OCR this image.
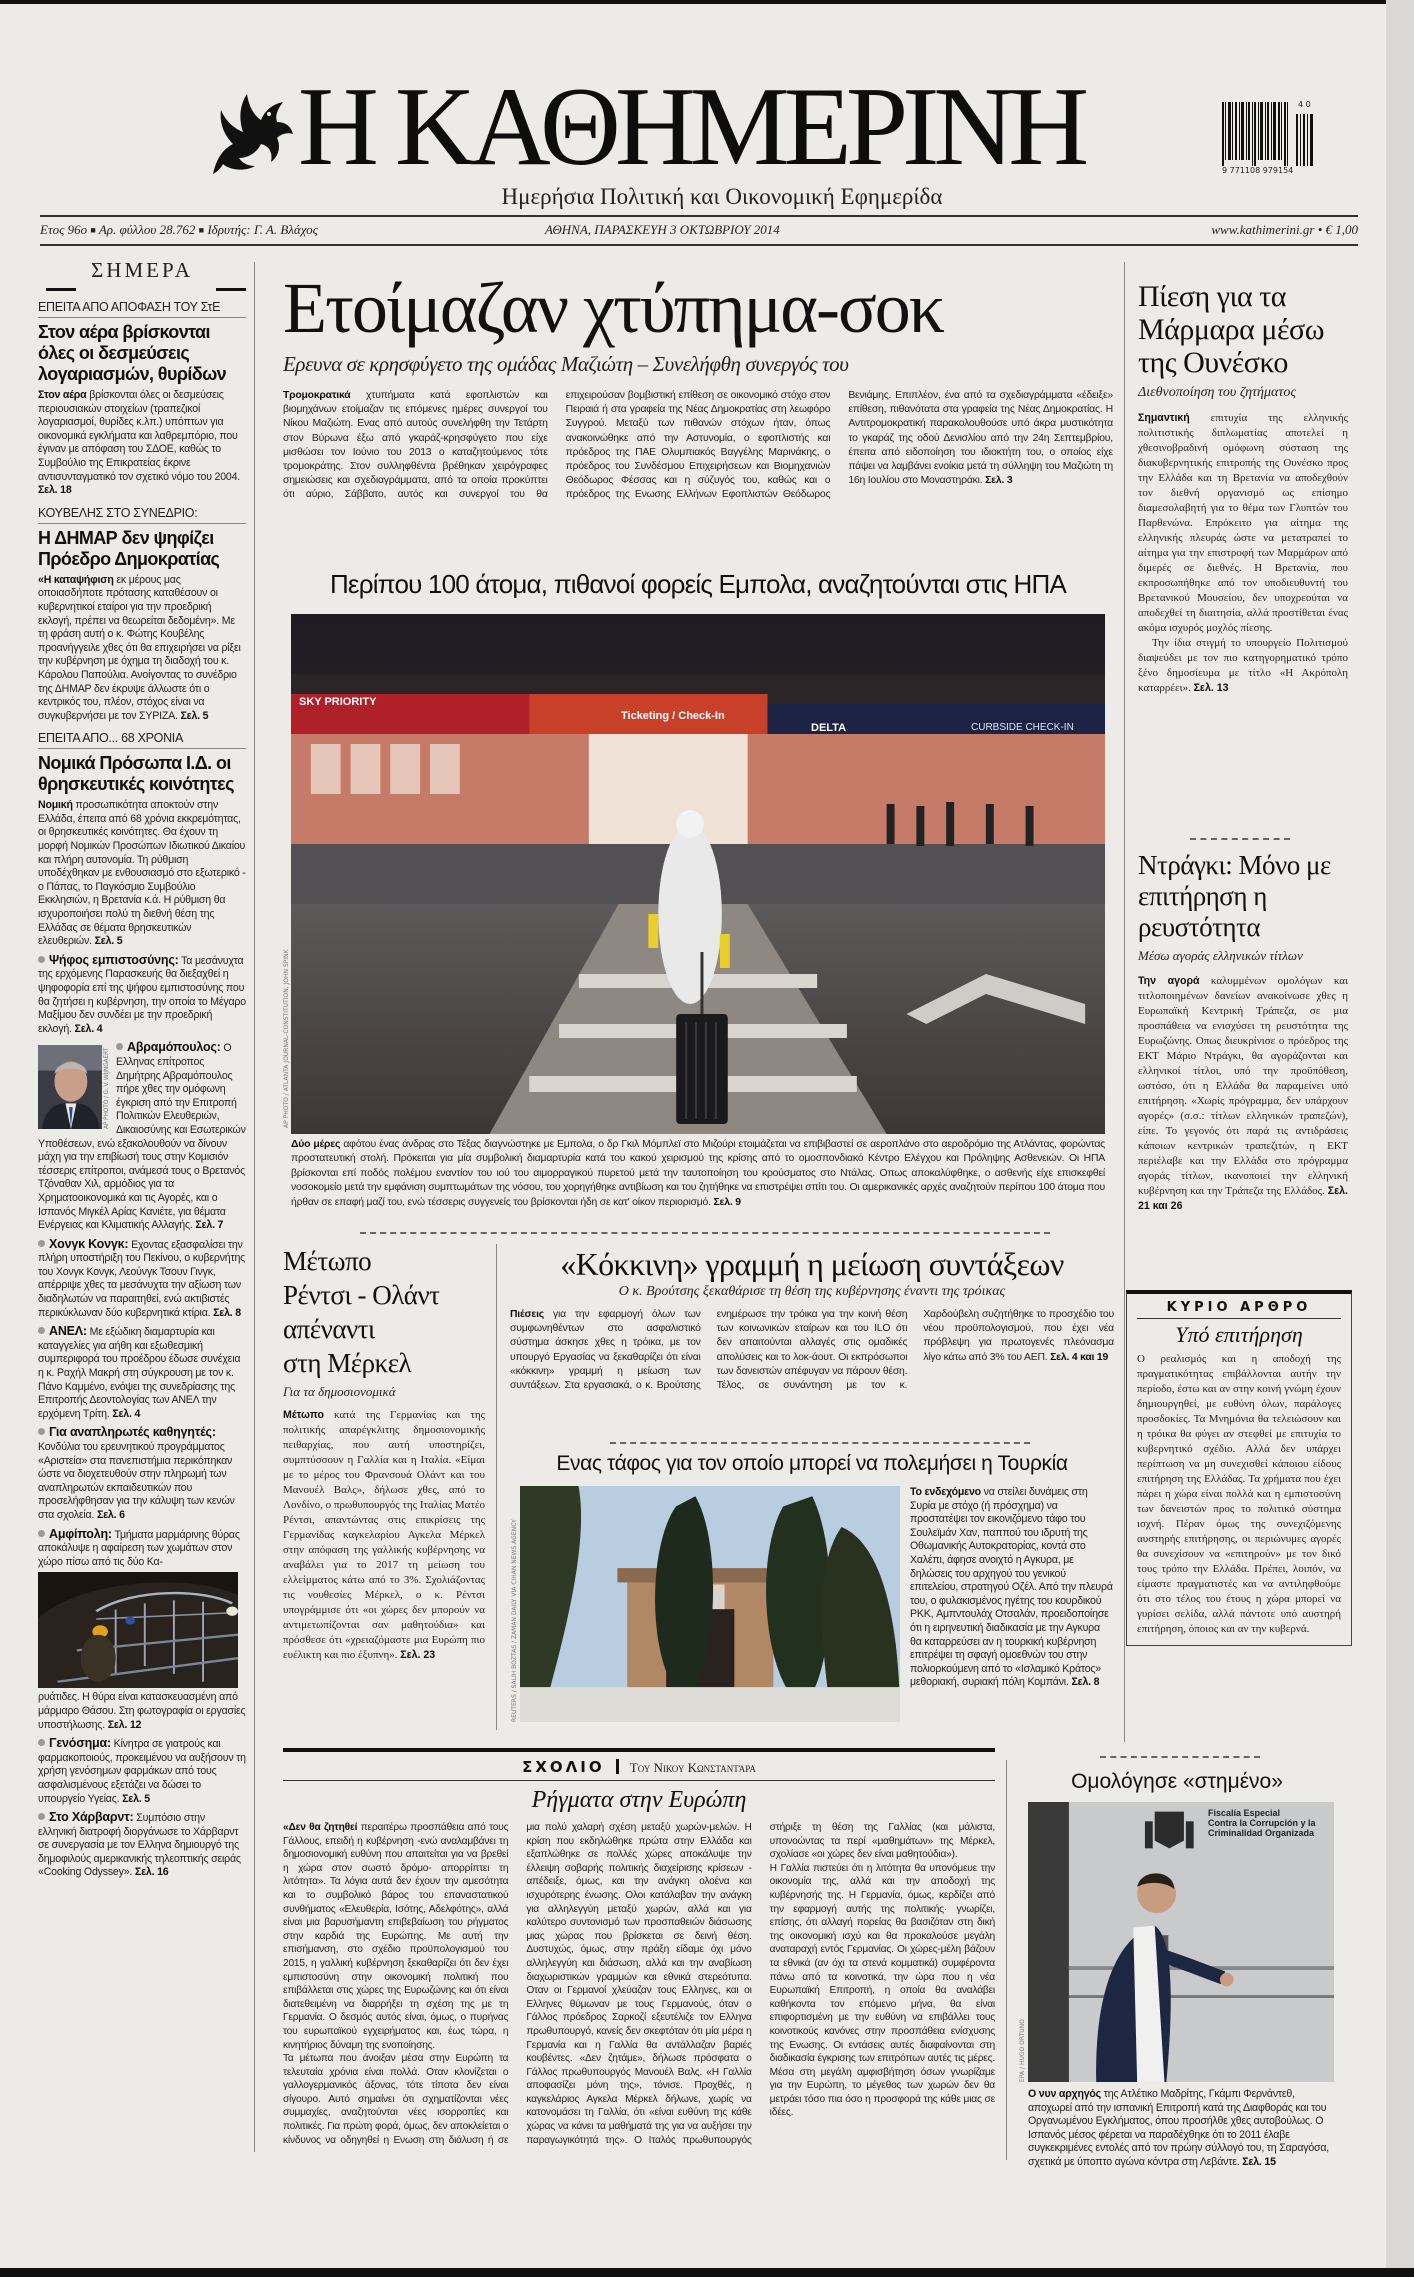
Η ΚΑΘΗΜΕΡΙΝΗ
Ημερήσια Πολιτική και Οικονομική Εφημερίδα
4 0
9 771108 979154
Ετος 96ο ■ Αρ. φύλλου 28.762 ■ Ιδρυτής: Γ. Α. Βλάχος	ΑΘΗΝΑ, ΠΑΡΑΣΚΕΥΗ 3 ΟΚΤΩΒΡΙΟΥ 2014	www.kathimerini.gr • € 1,00
ΣΗΜΕΡΑ
ΕΠΕΙΤΑ ΑΠΟ ΑΠΟΦΑΣΗ ΤΟΥ ΣτΕ
Στον αέρα βρίσκονται όλες οι δεσμεύσεις λογαριασμών, θυρίδων
Στον αέρα βρίσκονται όλες οι δεσμεύσεις περιουσιακών στοιχείων (τραπεζικοί λογαριασμοί, θυρίδες κ.λπ.) υπόπτων για οικονομικά εγκλήματα και λαθρεμπόριο, που έγιναν με απόφαση του ΣΔΟΕ, καθώς το Συμβούλιο της Επικρατείας έκρινε αντισυνταγματικό τον σχετικό νόμο του 2004. Σελ. 18
ΚΟΥΒΕΛΗΣ ΣΤΟ ΣΥΝΕΔΡΙΟ:
Η ΔΗΜΑΡ δεν ψηφίζει Πρόεδρο Δημοκρατίας
«Η καταψήφιση εκ μέρους μας οποιασδήποτε πρότασης καταθέσουν οι κυβερνητικοί εταίροι για την προεδρική εκλογή, πρέπει να θεωρείται δεδομένη». Με τη φράση αυτή ο κ. Φώτης Κουβέλης προανήγγειλε χθες ότι θα επιχειρήσει να ρίξει την κυβέρνηση με όχημα τη διαδοχή του κ. Κάρολου Παπούλια. Ανοίγοντας το συνέδριο της ΔΗΜΑΡ δεν έκρυψε άλλωστε ότι ο κεντρικός του, πλέον, στόχος είναι να συγκυβερνήσει με τον ΣΥΡΙΖΑ. Σελ. 5
ΕΠΕΙΤΑ ΑΠΟ... 68 ΧΡΟΝΙΑ
Νομικά Πρόσωπα Ι.Δ. οι θρησκευτικές κοινότητες
Νομική προσωπικότητα αποκτούν στην Ελλάδα, έπειτα από 68 χρόνια εκκρεμότητας, οι θρησκευτικές κοινότητες. Θα έχουν τη μορφή Νομικών Προσώπων Ιδιωτικού Δικαίου και πλήρη αυτονομία. Τη ρύθμιση υποδέχθηκαν με ενθουσιασμό στο εξωτερικό - ο Πάπας, το Παγκόσμιο Συμβούλιο Εκκλησιών, η Βρετανία κ.ά. Η ρύθμιση θα ισχυροποιήσει πολύ τη διεθνή θέση της Ελλάδας σε θέματα θρησκευτικών ελευθεριών. Σελ. 5
Ψήφος εμπιστοσύνης: Τα μεσάνυχτα της ερχόμενης Παρασκευής θα διεξαχθεί η ψηφοφορία επί της ψήφου εμπιστοσύνης που θα ζητήσει η κυβέρνηση, την οποία το Μέγαρο Μαξίμου δεν συνδέει με την προεδρική εκλογή. Σελ. 4
Αβραμόπουλος:
AP PHOTO / G. V. WIJNGAERT	Ο Ελληνας επίτροπος Δημήτρης Αβραμόπουλος πήρε χθες την ομόφωνη έγκριση από την Επιτροπή Πολιτικών Ελευθεριών, Δικαιοσύνης και Εσωτερικών Υποθέσεων, ενώ εξακολουθούν να δίνουν μάχη για την επιβίωσή τους στην Κομισιόν τέσσερις επίτροποι, ανάμεσά τους ο Βρετανός Τζόναθαν Χιλ, αρμόδιος για τα Χρηματοοικονομικά και τις Αγορές, και ο Ισπανός Μιγκέλ Αρίας Κανιέτε, για θέματα Ενέργειας και Κλιματικής Αλλαγής. Σελ. 7
Χονγκ Κονγκ: Εχοντας εξασφαλίσει την πλήρη υποστήριξη του Πεκίνου, ο κυβερνήτης του Χονγκ Κονγκ, Λεούνγκ Τσουν Γινγκ, απέρριψε χθες τα μεσάνυχτα την αξίωση των διαδηλωτών να παραιτηθεί, ενώ ακτιβιστές περικύκλωναν δύο κυβερνητικά κτίρια. Σελ. 8
ΑΝΕΛ: Με εξώδικη διαμαρτυρία και καταγγελίες για αήθη και εξωθεσμική συμπεριφορά του προέδρου έδωσε συνέχεια η κ. Ραχήλ Μακρή στη σύγκρουση με τον κ. Πάνο Καμμένο, ενόψει της συνεδρίασης της Επιτροπής Δεοντολογίας των ΑΝΕΛ την ερχόμενη Τρίτη. Σελ. 4
Για αναπληρωτές καθηγητές: Κονδύλια του ερευνητικού προγράμματος «Αριστεία» στα πανεπιστήμια περικόπηκαν ώστε να διοχετευθούν στην πληρωμή των αναπληρωτών εκπαιδευτικών που προσελήφθησαν για την κάλυψη των κενών στα σχολεία. Σελ. 6
Αμφίπολη: Τμήματα μαρμάρινης θύρας αποκάλυψε η αφαίρεση των χωμάτων στον χώρο πίσω από τις δύο Κα-
ρυάτιδες. Η θύρα είναι κατασκευασμένη από μάρμαρο Θάσου. Στη φωτογραφία οι εργασίες υποστήλωσης. Σελ. 12
Γενόσημα: Κίνητρα σε γιατρούς και φαρμακοποιούς, προκειμένου να αυξήσουν τη χρήση γενόσημων φαρμάκων από τους ασφαλισμένους εξετάζει να δώσει το υπουργείο Υγείας. Σελ. 5
Στο Χάρβαρντ: Συμπόσιο στην ελληνική διατροφή διοργάνωσε το Χάρβαρντ σε συνεργασία με τον Ελληνα δημιουργό της δημοφιλούς αμερικανικής τηλεοπτικής σειράς «Cooking Odyssey». Σελ. 16
Ετοίμαζαν χτύπημα-σοκ
Ερευνα σε κρησφύγετο της ομάδας Μαζιώτη – Συνελήφθη συνεργός του
Τρομοκρατικά χτυπήματα κατά εφοπλιστών και βιομηχάνων ετοίμαζαν τις επόμενες ημέρες συνεργοί του Νίκου Μαζιώτη. Ενας από αυτούς συνελήφθη την Τετάρτη στον Βύρωνα έξω από γκαράζ-κρησφύγετο που είχε μισθώσει τον Ιούνιο του 2013 ο καταζητούμενος τότε τρομοκράτης. Στον συλληφθέντα βρέθηκαν χειρόγραφες σημειώσεις και σχεδιαγράμματα, από τα οποία προκύπτει ότι αύριο, Σάββατο, αυτός και συνεργοί του θα επιχειρούσαν βομβιστική επίθεση σε οικονομικό στόχο στον Πειραιά ή στα γραφεία της Νέας Δημοκρατίας στη λεωφόρο Συγγρού. Μεταξύ των πιθανών στόχων ήταν, όπως ανακοινώθηκε από την Αστυνομία, ο εφοπλιστής και πρόεδρος της ΠΑΕ Ολυμπιακός Βαγγέλης Μαρινάκης, ο πρόεδρος του Συνδέσμου Επιχειρήσεων και Βιομηχανιών Θεόδωρος Φέσσας και η σύζυγός του, καθώς και ο πρόεδρος της Ενωσης Ελλήνων Εφοπλιστών Θεόδωρος Βενιάμης. Επιπλέον, ένα από τα σχεδιαγράμματα «έδειξε» επίθεση, πιθανότατα στα γραφεία της Νέας Δημοκρατίας. Η Αντιτρομοκρατική παρακολουθούσε υπό άκρα μυστικότητα το γκαράζ της οδού Δενισλίου από την 24η Σεπτεμβρίου, έπειτα από ειδοποίηση του ιδιοκτήτη του, ο οποίος είχε πάψει να λαμβάνει ενοίκια μετά τη σύλληψη του Μαζιώτη τη 16η Ιουλίου στο Μοναστηράκι. Σελ. 3
Περίπου 100 άτομα, πιθανοί φορείς Εμπολα, αναζητούνται στις ΗΠΑ
SKY PRIORITY
Ticketing / Check-In
DELTA	CURBSIDE CHECK-IN
AP PHOTO / ATLANTA JOURNAL-CONSTITUTION, JOHN SPINK
Δύο μέρες αφότου ένας άνδρας στο Τέξας διαγνώστηκε με Εμπολα, ο δρ Γκιλ Μόμπλεϊ στο Μιζούρι ετοιμάζεται να επιβιβαστεί σε αεροπλάνο στο αεροδρόμιο της Ατλάντας, φορώντας προστατευτική στολή. Πρόκειται για μία συμβολική διαμαρτυρία κατά του κακού χειρισμού της κρίσης από το ομοσπονδιακό Κέντρο Ελέγχου και Πρόληψης Ασθενειών. Οι ΗΠΑ βρίσκονται επί ποδός πολέμου εναντίον του ιού του αιμορραγικού πυρετού μετά την ταυτοποίηση του κρούσματος στο Ντάλας. Οπως αποκαλύφθηκε, ο ασθενής είχε επισκεφθεί νοσοκομείο μετά την εμφάνιση συμπτωμάτων της νόσου, του χορηγήθηκε αντιβίωση και του ζητήθηκε να επιστρέψει σπίτι του. Οι αμερικανικές αρχές αναζητούν περίπου 100 άτομα που ήρθαν σε επαφή μαζί του, ενώ τέσσερις συγγενείς του βρίσκονται ήδη σε κατ' οίκον περιορισμό. Σελ. 9
Πίεση για τα Μάρμαρα μέσω της Ουνέσκο
Διεθνοποίηση του ζητήματος
Σημαντική επιτυχία της ελληνικής πολιτιστικής διπλωματίας αποτελεί η χθεσινοβραδινή ομόφωνη σύσταση της διακυβερνητικής επιτροπής της Ουνέσκο προς την Ελλάδα και τη Βρετανία να αποδεχθούν τον διεθνή οργανισμό ως επίσημο διαμεσολαβητή για το θέμα των Γλυπτών του Παρθενώνα. Επρόκειτο για αίτημα της ελληνικής πλευράς ώστε να μετατραπεί το αίτημα για την επιστροφή των Μαρμάρων από διμερές σε διεθνές. Η Βρετανία, που εκπροσωπήθηκε από τον υποδιευθυντή του Βρετανικού Μουσείου, δεν υποχρεούται να αποδεχθεί τη διαιτησία, αλλά προστίθεται ένας ακόμα ισχυρός μοχλός πίεσης.
Την ίδια στιγμή το υπουργείο Πολιτισμού διαψεύδει με τον πιο κατηγορηματικό τρόπο ξένο δημοσίευμα με τίτλο «Η Ακρόπολη καταρρέει». Σελ. 13
Ντράγκι: Μόνο με επιτήρηση η ρευστότητα
Μέσω αγοράς ελληνικών τίτλων
Την αγορά καλυμμένων ομολόγων και τιτλοποιημένων δανείων ανακοίνωσε χθες η Ευρωπαϊκή Κεντρική Τράπεζα, σε μια προσπάθεια να ενισχύσει τη ρευστότητα της Ευρωζώνης. Οπως διευκρίνισε ο πρόεδρος της ΕΚΤ Μάριο Ντράγκι, θα αγοράζονται και ελληνικοί τίτλοι, υπό την προϋπόθεση, ωστόσο, ότι η Ελλάδα θα παραμείνει υπό επιτήρηση. «Χωρίς πρόγραμμα, δεν υπάρχουν αγορές» (σ.σ.: τίτλων ελληνικών τραπεζών), είπε. Το γεγονός ότι παρά τις αντιδράσεις κάποιων κεντρικών τραπεζιτών, η ΕΚΤ περιέλαβε και την Ελλάδα στο πρόγραμμα αγοράς τίτλων, ικανοποιεί την ελληνική κυβέρνηση και την Τράπεζα της Ελλάδος. Σελ. 21 και 26
ΚΥΡΙΟ ΑΡΘΡΟ
Υπό επιτήρηση
Ο ρεαλισμός και η αποδοχή της πραγματικότητας επιβάλλονται αυτήν την περίοδο, έστω και αν στην κοινή γνώμη έχουν δημιουργηθεί, με ευθύνη όλων, παράλογες προσδοκίες. Τα Μνημόνια θα τελειώσουν και η τρόικα θα φύγει αν στεφθεί με επιτυχία το κυβερνητικό σχέδιο. Αλλά δεν υπάρχει περίπτωση να μη συνεχισθεί κάποιου είδους επιτήρηση της Ελλάδας. Τα χρήματα που έχει πάρει η χώρα είναι πολλά και η εμπιστοσύνη των δανειστών προς το πολιτικό σύστημα ισχνή. Πέραν όμως της συνεχιζόμενης αυστηρής επιτήρησης, οι περιώνυμες αγορές θα συνεχίσουν να «επιτηρούν» με τον δικό τους τρόπο την Ελλάδα. Πρέπει, λοιπόν, να είμαστε πραγματιστές και να αντιληφθούμε ότι στο τέλος του έτους η χώρα μπορεί να γυρίσει σελίδα, αλλά πάντοτε υπό αυστηρή επιτήρηση, όποιος και αν την κυβερνά.
Μέτωπο
Ρέντσι - Ολάντ
απέναντι
στη Μέρκελ
Για τα δημοσιονομικά
Μέτωπο κατά της Γερμανίας και της πολιτικής απαρέγκλιτης δημοσιονομικής πειθαρχίας, που αυτή υποστηρίζει, συμπτύσσουν η Γαλλία και η Ιταλία. «Είμαι με το μέρος του Φρανσουά Ολάντ και του Μανουέλ Βαλς», δήλωσε χθες, από το Λονδίνο, ο πρωθυπουργός της Ιταλίας Ματέο Ρέντσι, απαντώντας στις επικρίσεις της Γερμανίδας καγκελαρίου Αγκελα Μέρκελ στην απόφαση της γαλλικής κυβέρνησης να αναβάλει για το 2017 τη μείωση του ελλείμματος κάτω από το 3%. Σχολιάζοντας τις νουθεσίες Μέρκελ, ο κ. Ρέντσι υπογράμμισε ότι «οι χώρες δεν μπορούν να αντιμετωπίζονται σαν μαθητούδια» και πρόσθεσε ότι «χρειαζόμαστε μια Ευρώπη πιο ευέλικτη και πιο έξυπνη». Σελ. 23
«Κόκκινη» γραμμή η μείωση συντάξεων
Ο κ. Βρούτσης ξεκαθάρισε τη θέση της κυβέρνησης έναντι της τρόικας
Πιέσεις για την εφαρμογή όλων των συμφωνηθέντων στο ασφαλιστικό σύστημα άσκησε χθες η τρόικα, με τον υπουργό Εργασίας να ξεκαθαρίζει ότι είναι «κόκκινη» γραμμή η μείωση των συντάξεων. Στα εργασιακά, ο κ. Βρούτσης ενημέρωσε την τρόικα για την κοινή θέση των κοινωνικών εταίρων και του ILO ότι δεν απαιτούνται αλλαγές στις ομαδικές απολύσεις και το λοκ-άουτ. Οι εκπρόσωποι των δανειστών απέφυγαν να πάρουν θέση. Τέλος, σε συνάντηση με τον κ. Χαρδούβελη συζητήθηκε το προσχέδιο του νέου προϋπολογισμού, που έχει νέα πρόβλεψη για πρωτογενές πλεόνασμα λίγο κάτω από 3% του ΑΕΠ. Σελ. 4 και 19
Ενας τάφος για τον οποίο μπορεί να πολεμήσει η Τουρκία
REUTERS / SALIH BOZTAS / ZAMAN DAILY VIA CIHAN NEWS AGENCY
Το ενδεχόμενο να στείλει δυνάμεις στη Συρία με στόχο (ή πρόσχημα) να προστατέψει τον εικονιζόμενο τάφο του Σουλεϊμάν Χαν, παππού του ιδρυτή της Οθωμανικής Αυτοκρατορίας, κοντά στο Χαλέπι, άφησε ανοιχτό η Αγκυρα, με δηλώσεις του αρχηγού του γενικού επιτελείου, στρατηγού Οζέλ. Από την πλευρά του, ο φυλακισμένος ηγέτης του κουρδικού PKK, Αμπντουλάχ Οτσαλάν, προειδοποίησε ότι η ειρηνευτική διαδικασία με την Αγκυρα θα καταρρεύσει αν η τουρκική κυβέρνηση επιτρέψει τη σφαγή ομοεθνών του στην πολιορκούμενη από το «Ισλαμικό Κράτος» μεθοριακή, συριακή πόλη Κομπάνι. Σελ. 8
ΣΧΟΛΙΟ Του Νικου Κωνσταντάρα
Ρήγματα στην Ευρώπη
«Δεν θα ζητηθεί περαιτέρω προσπάθεια από τους Γάλλους, επειδή η κυβέρνηση -ενώ αναλαμβάνει τη δημοσιονομική ευθύνη που απαιτείται για να βρεθεί η χώρα στον σωστό δρόμο- απορρίπτει τη λιτότητα». Τα λόγια αυτά δεν έχουν την αμεσότητα και το συμβολικό βάρος του επαναστατικού συνθήματος «Ελευθερία, Ισότης, Αδελφότης», αλλά είναι μια βαρυσήμαντη επιβεβαίωση του ρήγματος στην καρδιά της Ευρώπης. Με αυτή την επισήμανση, στο σχέδιο προϋπολογισμού του 2015, η γαλλική κυβέρνηση ξεκαθαρίζει ότι δεν έχει εμπιστοσύνη στην οικονομική πολιτική που επιβάλλεται στις χώρες της Ευρωζώνης και ότι είναι διατεθειμένη να διαρρήξει τη σχέση της με τη Γερμανία. Ο δεσμός αυτός είναι, όμως, ο πυρήνας του ευρωπαϊκού εγχειρήματος και, έως τώρα, η κινητήριος δύναμη της ενοποίησης.
Τα μέτωπα που άνοιξαν μέσα στην Ευρώπη τα τελευταία χρόνια είναι πολλά. Οταν κλονίζεται ο γαλλογερμανικός άξονας, τότε τίποτα δεν είναι σίγουρο. Αυτό σημαίνει ότι σχηματίζονται νέες συμμαχίες, αναζητούνται νέες ισορροπίες και πολιτικές. Για πρώτη φορά, όμως, δεν αποκλείεται ο κίνδυνος να οδηγηθεί η Ενωση στη διάλυση ή σε μια πολύ χαλαρή σχέση μεταξύ χωρών-μελών. Η κρίση που εκδηλώθηκε πρώτα στην Ελλάδα και εξαπλώθηκε σε πολλές χώρες αποκάλυψε την έλλειψη σοβαρής πολιτικής διαχείρισης κρίσεων - απέδειξε, όμως, και την ανάγκη ολοένα και ισχυρότερης ένωσης. Ολοι κατάλαβαν την ανάγκη για αλληλεγγύη μεταξύ χωρών, αλλά και για καλύτερο συντονισμό των προσπαθειών διάσωσης μιας χώρας που βρίσκεται σε δεινή θέση. Δυστυχώς, όμως, στην πράξη είδαμε όχι μόνο αλληλεγγύη και διάσωση, αλλά και την αναβίωση διαχωριστικών γραμμών και εθνικά στερεότυπα. Οταν οι Γερμανοί χλεύαζαν τους Ελληνες, και οι Ελληνες θύμωναν με τους Γερμανούς, όταν ο Γάλλος πρόεδρος Σαρκοζί εξευτέλιζε τον Ελληνα πρωθυπουργό, κανείς δεν σκεφτόταν ότι μία μέρα η Γερμανία και η Γαλλία θα αντάλλαζαν βαριές κουβέντες. «Δεν ζητάμε», δήλωσε πρόσφατα ο Γάλλος πρωθυπουργός Μανουέλ Βαλς. «Η Γαλλία αποφασίζει μόνη της», τόνισε. Προχθές, η καγκελάριος Αγκελα Μέρκελ δήλωνε, χωρίς να κατονομάσει τη Γαλλία, ότι «είναι ευθύνη της κάθε χώρας να κάνει τα μαθήματά της για να αυξήσει την παραγωγικότητά της». Ο Ιταλός πρωθυπουργός στήριξε τη θέση της Γαλλίας (και μάλιστα, υπονοώντας τα περί «μαθημάτων» της Μέρκελ, σχολίασε «οι χώρες δεν είναι μαθητούδια»).
Η Γαλλία πιστεύει ότι η λιτότητα θα υπονόμευε την οικονομία της, αλλά και την αποδοχή της κυβέρνησής της. Η Γερμανία, όμως, κερδίζει από την εφαρμογή αυτής της πολιτικής· γνωρίζει, επίσης, ότι αλλαγή πορείας θα βασιζόταν στη δική της οικονομική ισχύ και θα προκαλούσε μεγάλη αναταραχή εντός Γερμανίας. Οι χώρες-μέλη βάζουν τα εθνικά (αν όχι τα στενά κομματικά) συμφέροντα πάνω από τα κοινοτικά, την ώρα που η νέα Ευρωπαϊκή Επιτροπή, η οποία θα αναλάβει καθήκοντα τον επόμενο μήνα, θα είναι επιφορτισμένη με την ευθύνη να επιβάλλει τους κοινοτικούς κανόνες στην προσπάθεια ενίσχυσης της Ενωσης. Οι εντάσεις αυτές διαφαίνονται στη διαδικασία έγκρισης των επιτρόπων αυτές τις μέρες. Μέσα στη μεγάλη αμφισβήτηση όσων γνωρίζαμε για την Ευρώπη, το μέγεθος των χωρών δεν θα μετράει τόσο πια όσο η προσφορά της κάθε μιας σε ιδέες.
Ομολόγησε «στημένο»
Fiscalía Especial
Contra la Corrupción y la
Criminalidad Organizada
EPA / HUGO ORTUNO
Ο νυν αρχηγός της Ατλέτικο Μαδρίτης, Γκάμπι Φερνάντεθ, αποχωρεί από την ισπανική Επιτροπή κατά της Διαφθοράς και του Οργανωμένου Εγκλήματος, όπου προσήλθε χθες αυτοβούλως. Ο Ισπανός μέσος φέρεται να παραδέχθηκε ότι το 2011 έλαβε συγκεκριμένες εντολές από τον πρώην σύλλογό του, τη Σαραγόσα, σχετικά με ύποπτο αγώνα κόντρα στη Λεβάντε. Σελ. 15
